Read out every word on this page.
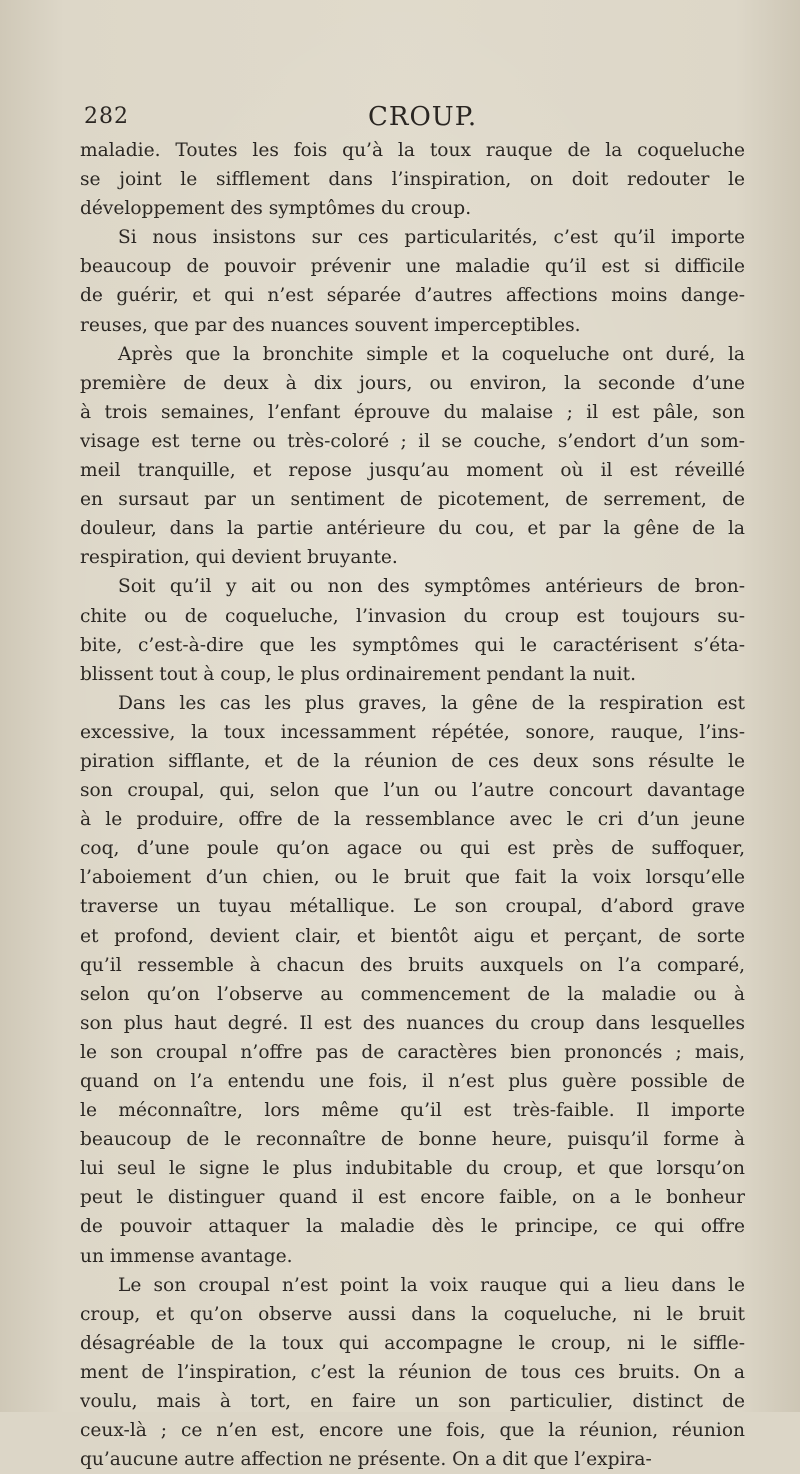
282	CROUP.
maladie. Toutes les fois qu’à la toux rauque de la coqueluche
se joint le sifflement dans l’inspiration, on doit redouter le
développement des symptômes du croup.
Si nous insistons sur ces particularités, c’est qu’il importe
beaucoup de pouvoir prévenir une maladie qu’il est si difficile
de guérir, et qui n’est séparée d’autres affections moins dange-
reuses, que par des nuances souvent imperceptibles.
Après que la bronchite simple et la coqueluche ont duré, la
première de deux à dix jours, ou environ, la seconde d’une
à trois semaines, l’enfant éprouve du malaise ; il est pâle, son
visage est terne ou très-coloré ; il se couche, s’endort d’un som-
meil tranquille, et repose jusqu’au moment où il est réveillé
en sursaut par un sentiment de picotement, de serrement, de
douleur, dans la partie antérieure du cou, et par la gêne de la
respiration, qui devient bruyante.
Soit qu’il y ait ou non des symptômes antérieurs de bron-
chite ou de coqueluche, l’invasion du croup est toujours su-
bite, c’est-à-dire que les symptômes qui le caractérisent s’éta-
blissent tout à coup, le plus ordinairement pendant la nuit.
Dans les cas les plus graves, la gêne de la respiration est
excessive, la toux incessamment répétée, sonore, rauque, l’ins-
piration sifflante, et de la réunion de ces deux sons résulte le
son croupal, qui, selon que l’un ou l’autre concourt davantage
à le produire, offre de la ressemblance avec le cri d’un jeune
coq, d’une poule qu’on agace ou qui est près de suffoquer,
l’aboiement d’un chien, ou le bruit que fait la voix lorsqu’elle
traverse un tuyau métallique. Le son croupal, d’abord grave
et profond, devient clair, et bientôt aigu et perçant, de sorte
qu’il ressemble à chacun des bruits auxquels on l’a comparé,
selon qu’on l’observe au commencement de la maladie ou à
son plus haut degré. Il est des nuances du croup dans lesquelles
le son croupal n’offre pas de caractères bien prononcés ; mais,
quand on l’a entendu une fois, il n’est plus guère possible de
le méconnaître, lors même qu’il est très-faible. Il importe
beaucoup de le reconnaître de bonne heure, puisqu’il forme à
lui seul le signe le plus indubitable du croup, et que lorsqu’on
peut le distinguer quand il est encore faible, on a le bonheur
de pouvoir attaquer la maladie dès le principe, ce qui offre
un immense avantage.
Le son croupal n’est point la voix rauque qui a lieu dans le
croup, et qu’on observe aussi dans la coqueluche, ni le bruit
désagréable de la toux qui accompagne le croup, ni le siffle-
ment de l’inspiration, c’est la réunion de tous ces bruits. On a
voulu, mais à tort, en faire un son particulier, distinct de
ceux-là ; ce n’en est, encore une fois, que la réunion, réunion
qu’aucune autre affection ne présente. On a dit que l’expira-
